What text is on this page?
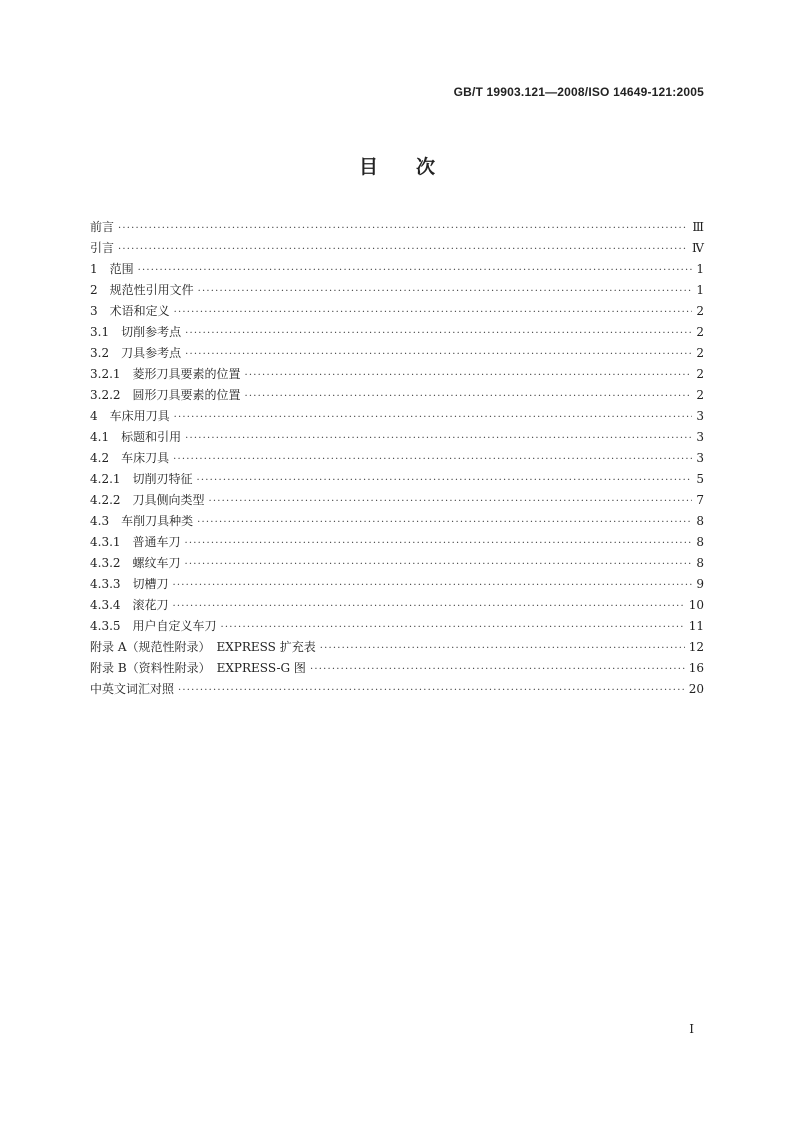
GB/T 19903.121—2008/ISO 14649-121:2005
目 次
前言 ·····	Ⅲ
引言 ·····	Ⅳ
1　范围 ·····	1
2　规范性引用文件 ·····	1
3　术语和定义 ·····	2
3.1　切削参考点 ·····	2
3.2　刀具参考点 ·····	2
3.2.1　菱形刀具要素的位置 ·····	2
3.2.2　圆形刀具要素的位置 ·····	2
4　车床用刀具 ·····	3
4.1　标题和引用 ·····	3
4.2　车床刀具 ·····	3
4.2.1　切削刃特征 ·····	5
4.2.2　刀具侧向类型 ·····	7
4.3　车削刀具种类 ·····	8
4.3.1　普通车刀 ·····	8
4.3.2　螺纹车刀 ·····	8
4.3.3　切槽刀 ·····	9
4.3.4　滚花刀 ·····	10
4.3.5　用户自定义车刀 ·····	11
附录 A（规范性附录）　EXPRESS 扩充表 ·····	12
附录 B（资料性附录）　EXPRESS-G 图 ·····	16
中英文词汇对照 ·····	20
I
